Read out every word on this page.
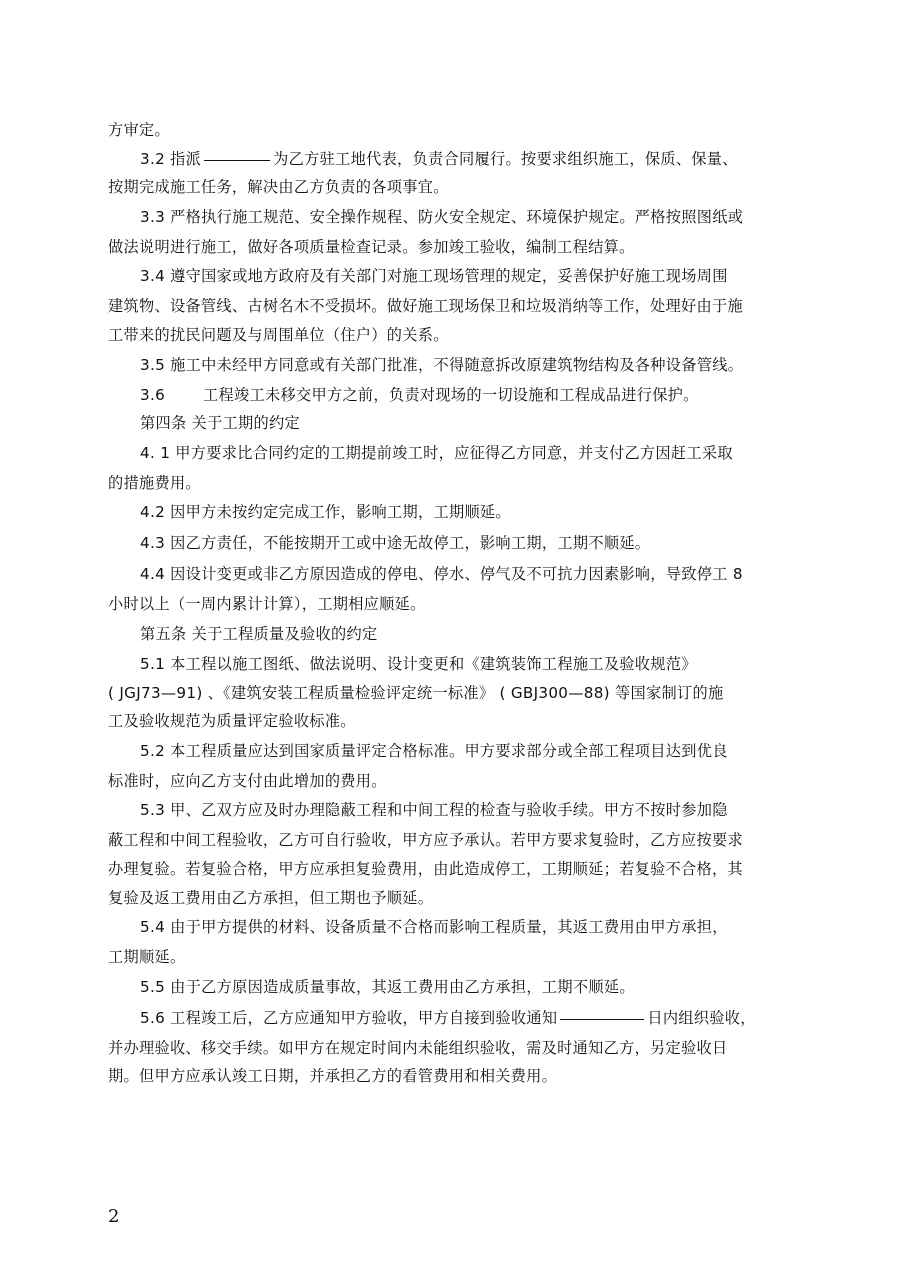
方审定。
3.2 指派	为乙方驻工地代表，负责合同履行。按要求组织施工，保质、保量、
按期完成施工任务，解决由乙方负责的各项事宜。
3.3 严格执行施工规范、安全操作规程、防火安全规定、环境保护规定。严格按照图纸或
做法说明进行施工，做好各项质量检查记录。参加竣工验收，编制工程结算。
3.4 遵守国家或地方政府及有关部门对施工现场管理的规定，妥善保护好施工现场周围
建筑物、设备管线、古树名木不受损坏。做好施工现场保卫和垃圾消纳等工作，处理好由于施
工带来的扰民问题及与周围单位（住户）的关系。
3.5 施工中未经甲方同意或有关部门批准，不得随意拆改原建筑物结构及各种设备管线。
3.6	工程竣工未移交甲方之前，负责对现场的一切设施和工程成品进行保护。
第四条 关于工期的约定
4. 1 甲方要求比合同约定的工期提前竣工时，应征得乙方同意，并支付乙方因赶工采取
的措施费用。
4.2 因甲方未按约定完成工作，影响工期，工期顺延。
4.3 因乙方责任，不能按期开工或中途无故停工，影响工期，工期不顺延。
4.4 因设计变更或非乙方原因造成的停电、停水、停气及不可抗力因素影响，导致停工 8
小时以上（一周内累计计算），工期相应顺延。
第五条 关于工程质量及验收的约定
5.1 本工程以施工图纸、做法说明、设计变更和《建筑装饰工程施工及验收规范》
( JGJ73—91) 、《建筑安装工程质量检验评定统一标准》 ( GBJ300—88) 等国家制订的施
工及验收规范为质量评定验收标准。
5.2 本工程质量应达到国家质量评定合格标准。甲方要求部分或全部工程项目达到优良
标准时，应向乙方支付由此增加的费用。
5.3 甲、乙双方应及时办理隐蔽工程和中间工程的检查与验收手续。甲方不按时参加隐
蔽工程和中间工程验收，乙方可自行验收，甲方应予承认。若甲方要求复验时，乙方应按要求
办理复验。若复验合格，甲方应承担复验费用，由此造成停工，工期顺延；若复验不合格，其
复验及返工费用由乙方承担，但工期也予顺延。
5.4 由于甲方提供的材料、设备质量不合格而影响工程质量，其返工费用由甲方承担，
工期顺延。
5.5 由于乙方原因造成质量事故，其返工费用由乙方承担，工期不顺延。
5.6 工程竣工后，乙方应通知甲方验收，甲方自接到验收通知	日内组织验收，
并办理验收、移交手续。如甲方在规定时间内未能组织验收，需及时通知乙方，另定验收日
期。但甲方应承认竣工日期，并承担乙方的看管费用和相关费用。
2
